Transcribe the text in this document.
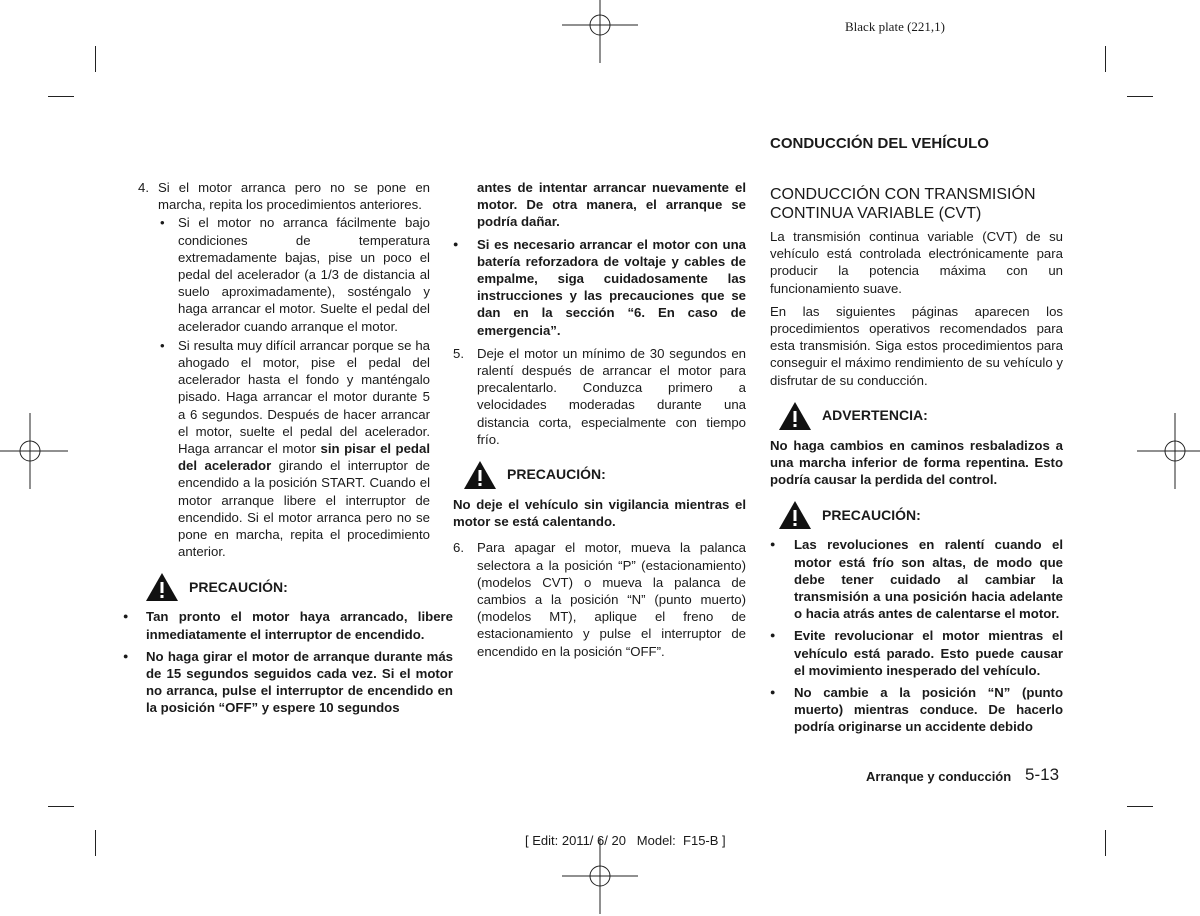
Black plate (221,1)
4. Si el motor arranca pero no se pone en marcha, repita los procedimientos anteriores.
• Si el motor no arranca fácilmente bajo condiciones de temperatura extremadamente bajas, pise un poco el pedal del acelerador (a 1/3 de distancia al suelo aproximadamente), sosténgalo y haga arrancar el motor. Suelte el pedal del acelerador cuando arranque el motor.
• Si resulta muy difícil arrancar porque se ha ahogado el motor, pise el pedal del acelerador hasta el fondo y manténgalo pisado. Haga arrancar el motor durante 5 a 6 segundos. Después de hacer arrancar el motor, suelte el pedal del acelerador. Haga arrancar el motor sin pisar el pedal del acelerador girando el interruptor de encendido a la posición START. Cuando el motor arranque libere el interruptor de encendido. Si el motor arranca pero no se pone en marcha, repita el procedimiento anterior.
PRECAUCIÓN:
● Tan pronto el motor haya arrancado, libere inmediatamente el interruptor de encendido.
● No haga girar el motor de arranque durante más de 15 segundos seguidos cada vez. Si el motor no arranca, pulse el interruptor de encendido en la posición “OFF” y espere 10 segundos
antes de intentar arrancar nuevamente el motor. De otra manera, el arranque se podría dañar.
● Si es necesario arrancar el motor con una batería reforzadora de voltaje y cables de empalme, siga cuidadosamente las instrucciones y las precauciones que se dan en la sección “6. En caso de emergencia”.
5. Deje el motor un mínimo de 30 segundos en ralentí después de arrancar el motor para precalentarlo. Conduzca primero a velocidades moderadas durante una distancia corta, especialmente con tiempo frío.
PRECAUCIÓN:
No deje el vehículo sin vigilancia mientras el motor se está calentando.
6. Para apagar el motor, mueva la palanca selectora a la posición “P” (estacionamiento) (modelos CVT) o mueva la palanca de cambios a la posición “N” (punto muerto) (modelos MT), aplique el freno de estacionamiento y pulse el interruptor de encendido en la posición “OFF”.
CONDUCCIÓN DEL VEHÍCULO
CONDUCCIÓN CON TRANSMISIÓN CONTINUA VARIABLE (CVT)
La transmisión continua variable (CVT) de su vehículo está controlada electrónicamente para producir la potencia máxima con un funcionamiento suave.
En las siguientes páginas aparecen los procedimientos operativos recomendados para esta transmisión. Siga estos procedimientos para conseguir el máximo rendimiento de su vehículo y disfrutar de su conducción.
ADVERTENCIA:
No haga cambios en caminos resbaladizos a una marcha inferior de forma repentina. Esto podría causar la perdida del control.
PRECAUCIÓN:
● Las revoluciones en ralentí cuando el motor está frío son altas, de modo que debe tener cuidado al cambiar la transmisión a una posición hacia adelante o hacia atrás antes de calentarse el motor.
● Evite revolucionar el motor mientras el vehículo está parado. Esto puede causar el movimiento inesperado del vehículo.
● No cambie a la posición “N” (punto muerto) mientras conduce. De hacerlo podría originarse un accidente debido
Arranque y conducción 5-13
[ Edit: 2011/ 6/ 20   Model:  F15-B ]
